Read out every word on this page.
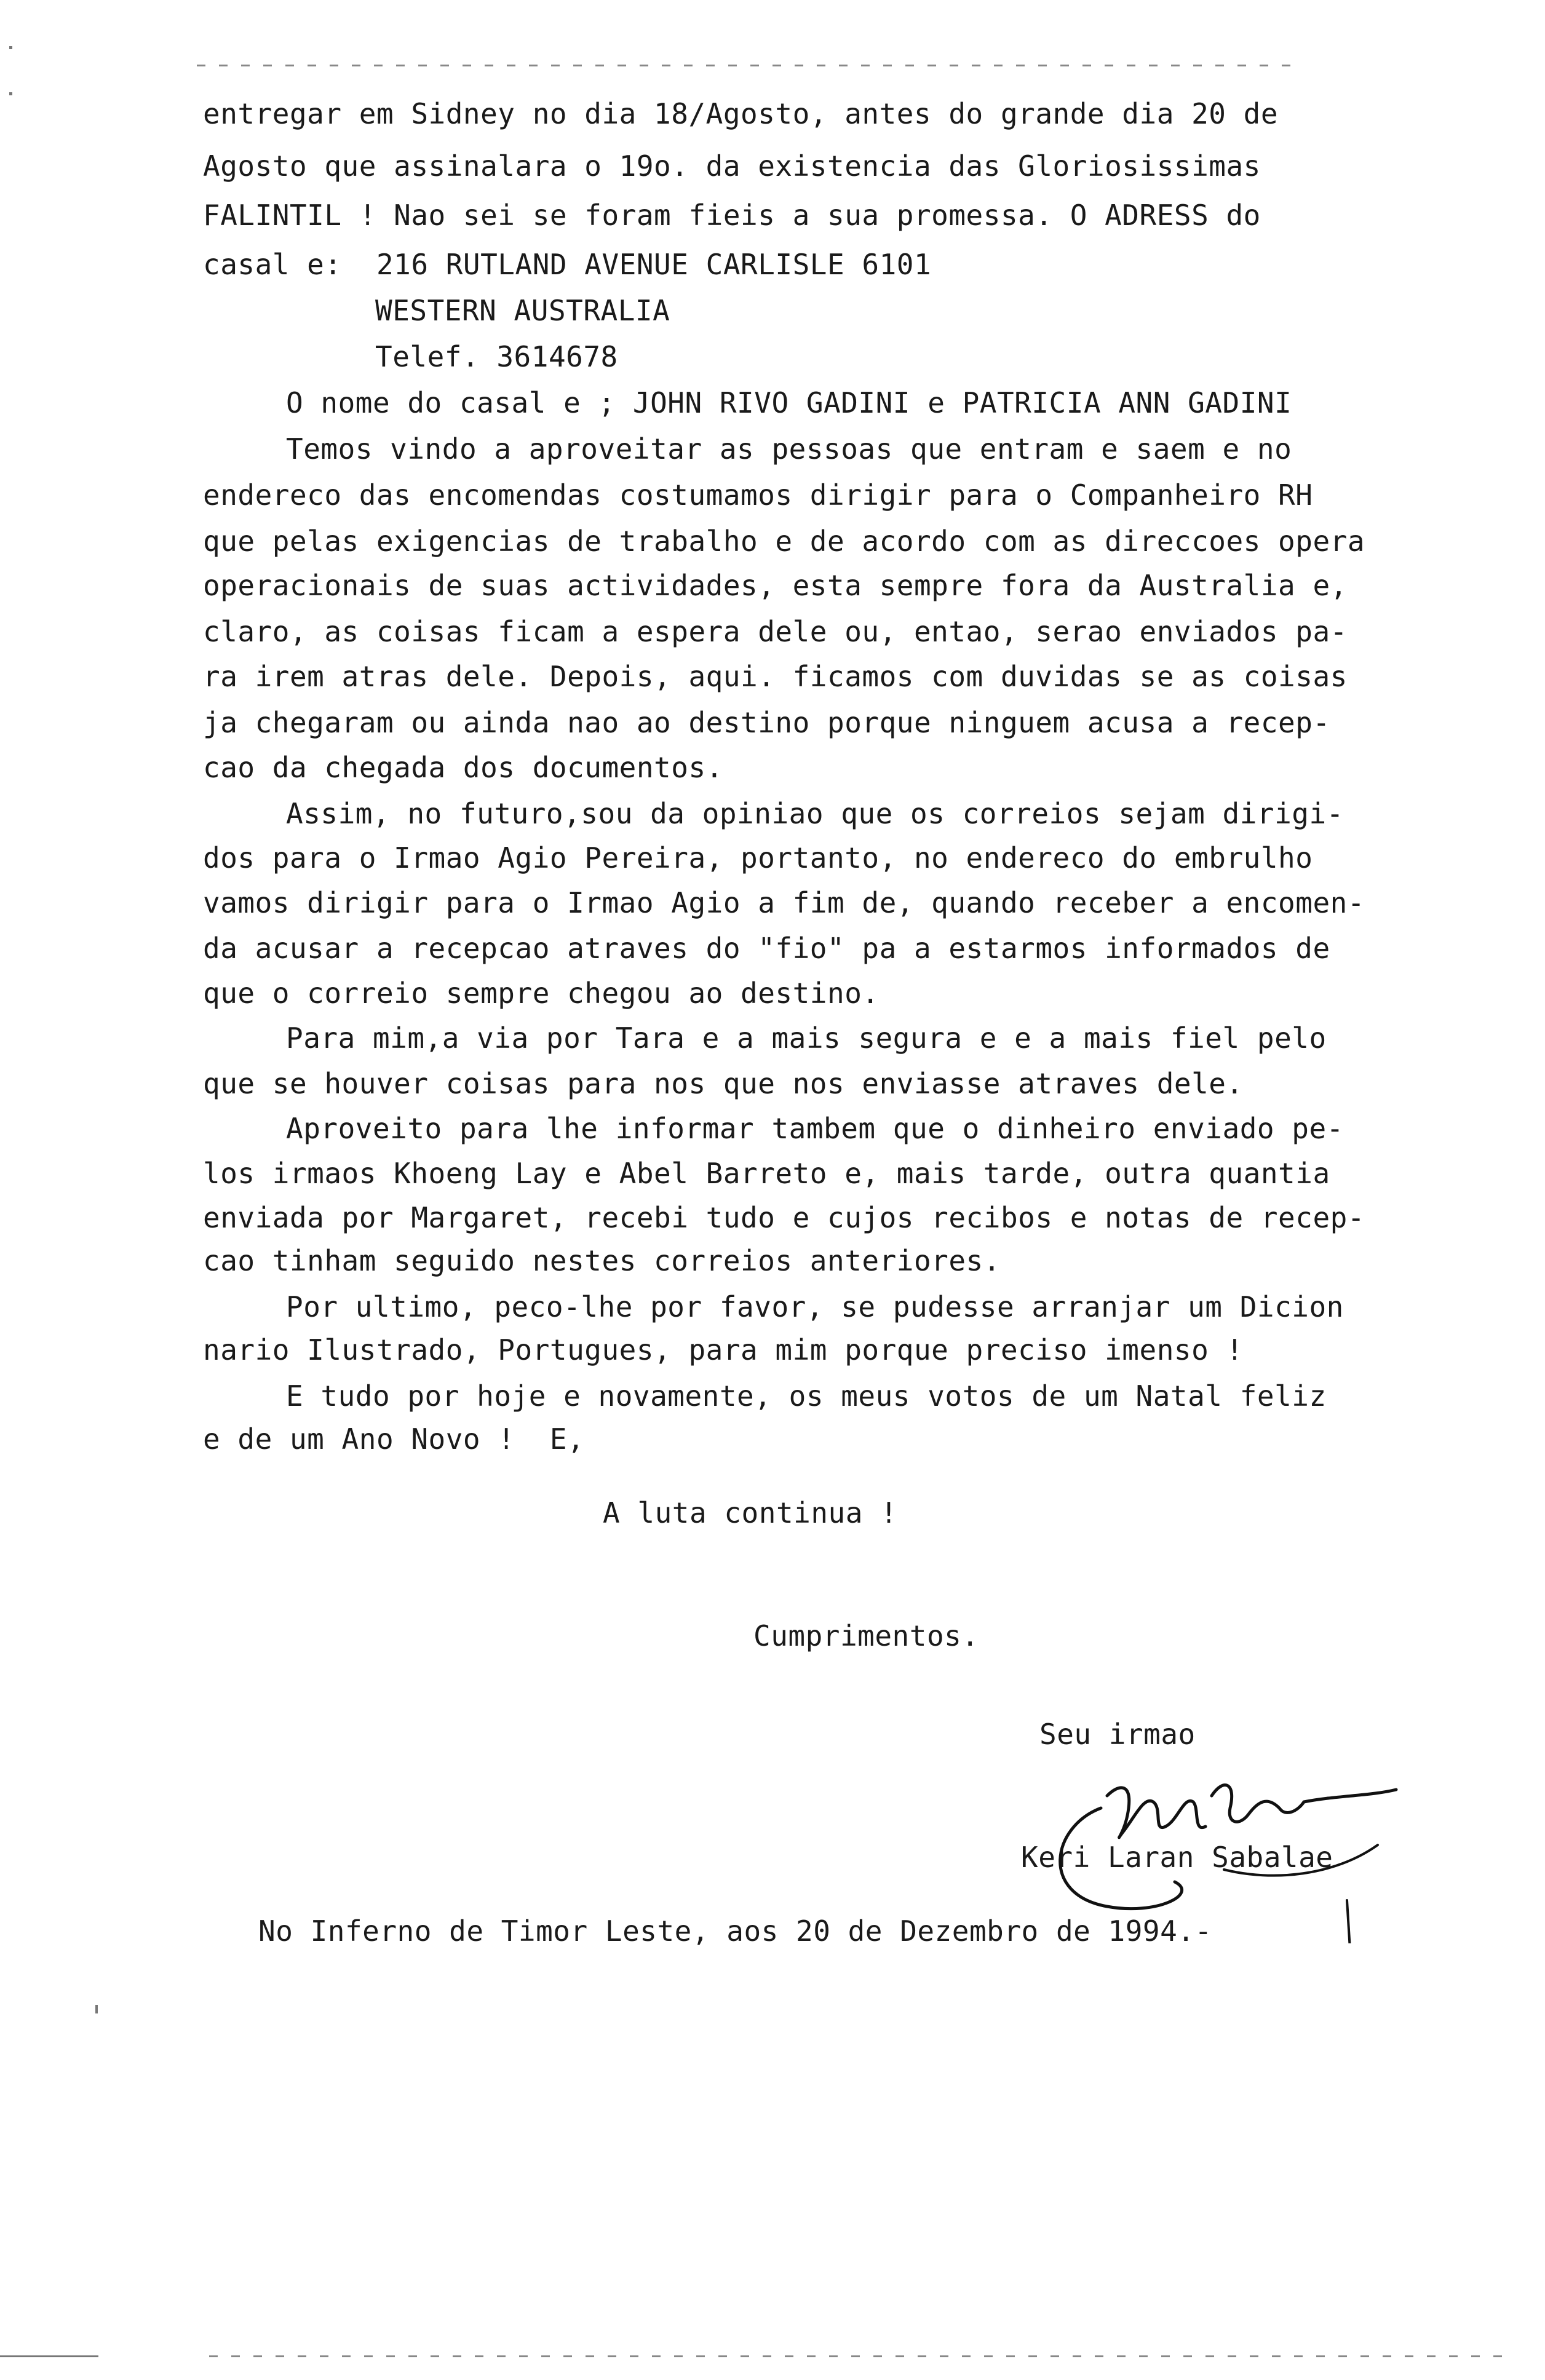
entregar em Sidney no dia 18/Agosto, antes do grande dia 20 de
Agosto que assinalara o 19o. da existencia das Gloriosissimas
FALINTIL ! Nao sei se foram fieis a sua promessa. O ADRESS do
casal e:  216 RUTLAND AVENUE CARLISLE 6101
WESTERN AUSTRALIA
Telef. 3614678
O nome do casal e ; JOHN RIVO GADINI e PATRICIA ANN GADINI
Temos vindo a aproveitar as pessoas que entram e saem e no
endereco das encomendas costumamos dirigir para o Companheiro RH
que pelas exigencias de trabalho e de acordo com as direccoes opera
operacionais de suas actividades, esta sempre fora da Australia e,
claro, as coisas ficam a espera dele ou, entao, serao enviados pa-
ra irem atras dele. Depois, aqui. ficamos com duvidas se as coisas
ja chegaram ou ainda nao ao destino porque ninguem acusa a recep-
cao da chegada dos documentos.
Assim, no futuro,sou da opiniao que os correios sejam dirigi-
dos para o Irmao Agio Pereira, portanto, no endereco do embrulho
vamos dirigir para o Irmao Agio a fim de, quando receber a encomen-
da acusar a recepcao atraves do "fio" pa a estarmos informados de
que o correio sempre chegou ao destino.
Para mim,a via por Tara e a mais segura e e a mais fiel pelo
que se houver coisas para nos que nos enviasse atraves dele.
Aproveito para lhe informar tambem que o dinheiro enviado pe-
los irmaos Khoeng Lay e Abel Barreto e, mais tarde, outra quantia
enviada por Margaret, recebi tudo e cujos recibos e notas de recep-
cao tinham seguido nestes correios anteriores.
Por ultimo, peco-lhe por favor, se pudesse arranjar um Dicion
nario Ilustrado, Portugues, para mim porque preciso imenso !
E tudo por hoje e novamente, os meus votos de um Natal feliz
e de um Ano Novo !  E,
A luta continua !
Cumprimentos.
Seu irmao
Keri Laran Sabalae
No Inferno de Timor Leste, aos 20 de Dezembro de 1994.-
